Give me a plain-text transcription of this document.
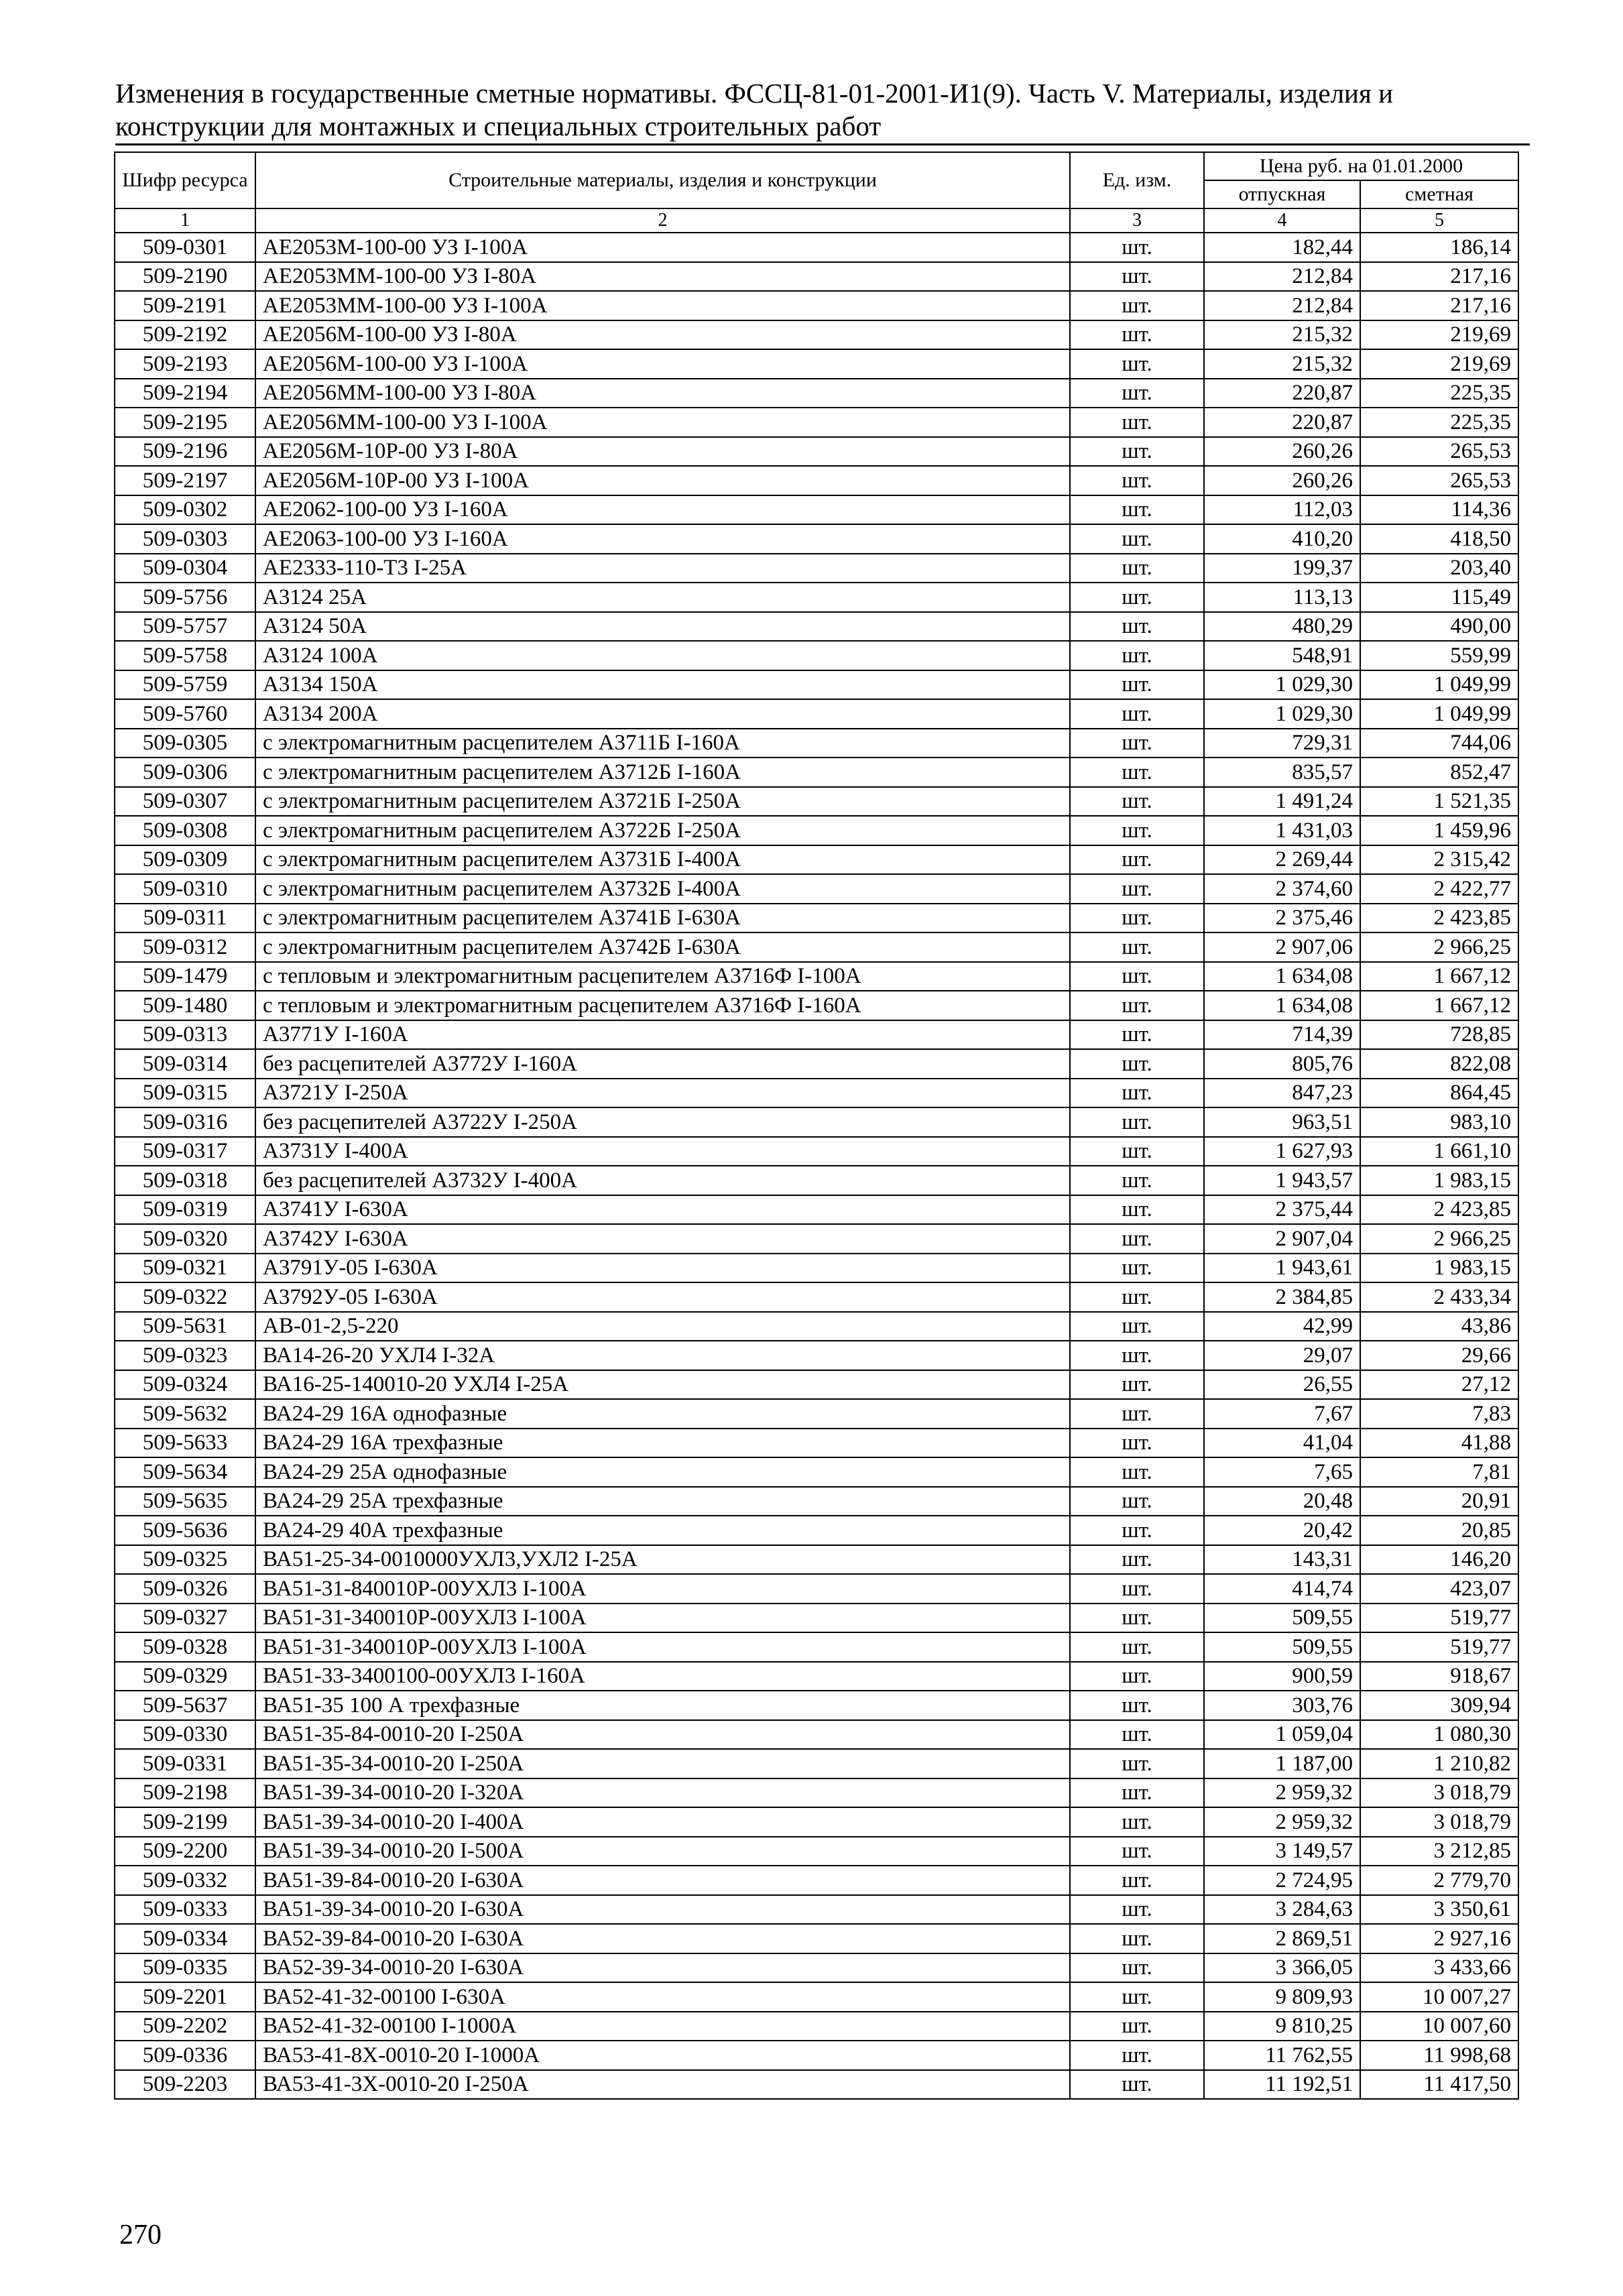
Изменения в государственные сметные нормативы. ФССЦ-81-01-2001-И1(9). Часть V. Материалы, изделия и
конструкции для монтажных и специальных строительных работ
Шифр ресурса	Строительные материалы, изделия и конструкции	Ед. изм.	Цена руб. на 01.01.2000	
			отпускная	сметная
1	2	3	4	5
509-0301	АЕ2053М-100-00 УЗ I-100А	шт.	182,44	186,14
509-2190	АЕ2053ММ-100-00 УЗ I-80А	шт.	212,84	217,16
509-2191	АЕ2053ММ-100-00 УЗ I-100А	шт.	212,84	217,16
509-2192	АЕ2056М-100-00 УЗ I-80А	шт.	215,32	219,69
509-2193	АЕ2056М-100-00 УЗ I-100А	шт.	215,32	219,69
509-2194	АЕ2056ММ-100-00 УЗ I-80А	шт.	220,87	225,35
509-2195	АЕ2056ММ-100-00 УЗ I-100А	шт.	220,87	225,35
509-2196	АЕ2056М-10Р-00 УЗ I-80А	шт.	260,26	265,53
509-2197	АЕ2056М-10Р-00 УЗ I-100А	шт.	260,26	265,53
509-0302	АЕ2062-100-00 УЗ I-160А	шт.	112,03	114,36
509-0303	АЕ2063-100-00 УЗ I-160А	шт.	410,20	418,50
509-0304	АЕ2333-110-Т3 I-25А	шт.	199,37	203,40
509-5756	А3124 25А	шт.	113,13	115,49
509-5757	А3124 50А	шт.	480,29	490,00
509-5758	А3124 100А	шт.	548,91	559,99
509-5759	А3134 150А	шт.	1 029,30	1 049,99
509-5760	А3134 200А	шт.	1 029,30	1 049,99
509-0305	с электромагнитным расцепителем А3711Б I-160А	шт.	729,31	744,06
509-0306	с электромагнитным расцепителем А3712Б I-160А	шт.	835,57	852,47
509-0307	с электромагнитным расцепителем А3721Б I-250А	шт.	1 491,24	1 521,35
509-0308	с электромагнитным расцепителем А3722Б I-250А	шт.	1 431,03	1 459,96
509-0309	с электромагнитным расцепителем А3731Б I-400А	шт.	2 269,44	2 315,42
509-0310	с электромагнитным расцепителем А3732Б I-400А	шт.	2 374,60	2 422,77
509-0311	с электромагнитным расцепителем А3741Б I-630А	шт.	2 375,46	2 423,85
509-0312	с электромагнитным расцепителем А3742Б I-630А	шт.	2 907,06	2 966,25
509-1479	с тепловым и электромагнитным расцепителем А3716Ф I-100А	шт.	1 634,08	1 667,12
509-1480	с тепловым и электромагнитным расцепителем А3716Ф I-160А	шт.	1 634,08	1 667,12
509-0313	А3771У I-160А	шт.	714,39	728,85
509-0314	без расцепителей А3772У I-160А	шт.	805,76	822,08
509-0315	А3721У I-250А	шт.	847,23	864,45
509-0316	без расцепителей А3722У I-250А	шт.	963,51	983,10
509-0317	А3731У I-400А	шт.	1 627,93	1 661,10
509-0318	без расцепителей А3732У I-400А	шт.	1 943,57	1 983,15
509-0319	А3741У I-630А	шт.	2 375,44	2 423,85
509-0320	А3742У I-630А	шт.	2 907,04	2 966,25
509-0321	А3791У-05 I-630А	шт.	1 943,61	1 983,15
509-0322	А3792У-05 I-630А	шт.	2 384,85	2 433,34
509-5631	АВ-01-2,5-220	шт.	42,99	43,86
509-0323	ВА14-26-20 УХЛ4 I-32А	шт.	29,07	29,66
509-0324	ВА16-25-140010-20 УХЛ4 I-25А	шт.	26,55	27,12
509-5632	ВА24-29 16А однофазные	шт.	7,67	7,83
509-5633	ВА24-29 16А трехфазные	шт.	41,04	41,88
509-5634	ВА24-29 25А однофазные	шт.	7,65	7,81
509-5635	ВА24-29 25А трехфазные	шт.	20,48	20,91
509-5636	ВА24-29 40А трехфазные	шт.	20,42	20,85
509-0325	ВА51-25-34-0010000УХЛ3,УХЛ2 I-25А	шт.	143,31	146,20
509-0326	ВА51-31-840010Р-00УХЛ3 I-100А	шт.	414,74	423,07
509-0327	ВА51-31-340010Р-00УХЛ3 I-100А	шт.	509,55	519,77
509-0328	ВА51-31-340010Р-00УХЛ3 I-100А	шт.	509,55	519,77
509-0329	ВА51-33-3400100-00УХЛ3 I-160А	шт.	900,59	918,67
509-5637	ВА51-35 100 А трехфазные	шт.	303,76	309,94
509-0330	ВА51-35-84-0010-20 I-250А	шт.	1 059,04	1 080,30
509-0331	ВА51-35-34-0010-20 I-250А	шт.	1 187,00	1 210,82
509-2198	ВА51-39-34-0010-20 I-320А	шт.	2 959,32	3 018,79
509-2199	ВА51-39-34-0010-20 I-400А	шт.	2 959,32	3 018,79
509-2200	ВА51-39-34-0010-20 I-500А	шт.	3 149,57	3 212,85
509-0332	ВА51-39-84-0010-20 I-630А	шт.	2 724,95	2 779,70
509-0333	ВА51-39-34-0010-20 I-630А	шт.	3 284,63	3 350,61
509-0334	ВА52-39-84-0010-20 I-630А	шт.	2 869,51	2 927,16
509-0335	ВА52-39-34-0010-20 I-630А	шт.	3 366,05	3 433,66
509-2201	ВА52-41-32-00100 I-630А	шт.	9 809,93	10 007,27
509-2202	ВА52-41-32-00100 I-1000А	шт.	9 810,25	10 007,60
509-0336	ВА53-41-8Х-0010-20 I-1000А	шт.	11 762,55	11 998,68
509-2203	ВА53-41-3Х-0010-20 I-250А	шт.	11 192,51	11 417,50
270
